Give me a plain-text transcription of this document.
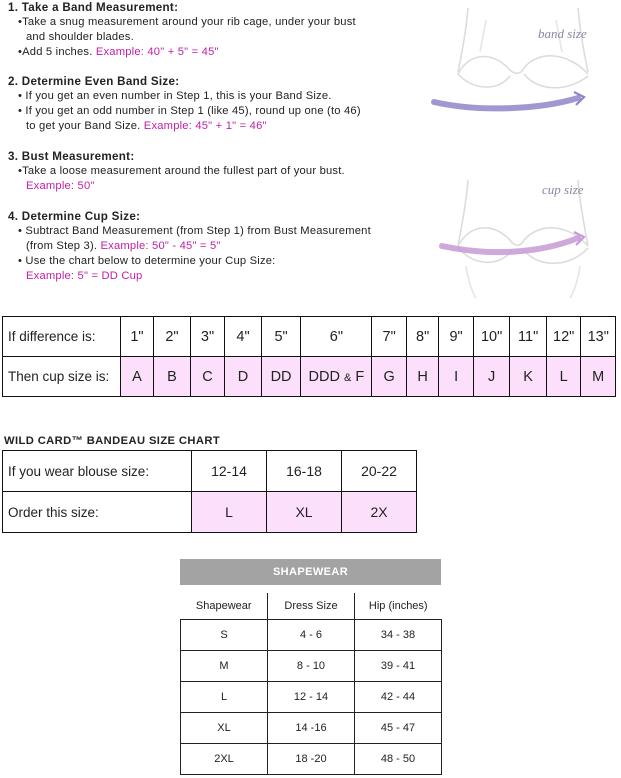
1. Take a Band Measurement:
•Take a snug measurement around your rib cage, under your bust
and shoulder blades.
•Add 5 inches. Example: 40" + 5" = 45"
2. Determine Even Band Size:
• If you get an even number in Step 1, this is your Band Size.
• If you get an odd number in Step 1 (like 45), round up one (to 46)
to get your Band Size. Example: 45" + 1" = 46"
3. Bust Measurement:
•Take a loose measurement around the fullest part of your bust.
Example: 50"
4. Determine Cup Size:
• Subtract Band Measurement (from Step 1) from Bust Measurement
(from Step 3). Example: 50" - 45" = 5"
• Use the chart below to determine your Cup Size:
Example: 5" = DD Cup
band size
cup size
If difference is:	1"	2"	3"	4"	5"	6"	7"	8"	9"	10"	11"	12"	13"
Then cup size is:	A	B	C	D	DD	DDD & F	G	H	I	J	K	L	M
WILD CARD™ BANDEAU SIZE CHART
If you wear blouse size:	12-14	16-18	20-22
Order this size:	L	XL	2X
SHAPEWEAR
Shapewear	Dress Size	Hip (inches)
S	4 - 6	34 - 38
M	8 - 10	39 - 41
L	12 - 14	42 - 44
XL	14 -16	45 - 47
2XL	18 -20	48 - 50
